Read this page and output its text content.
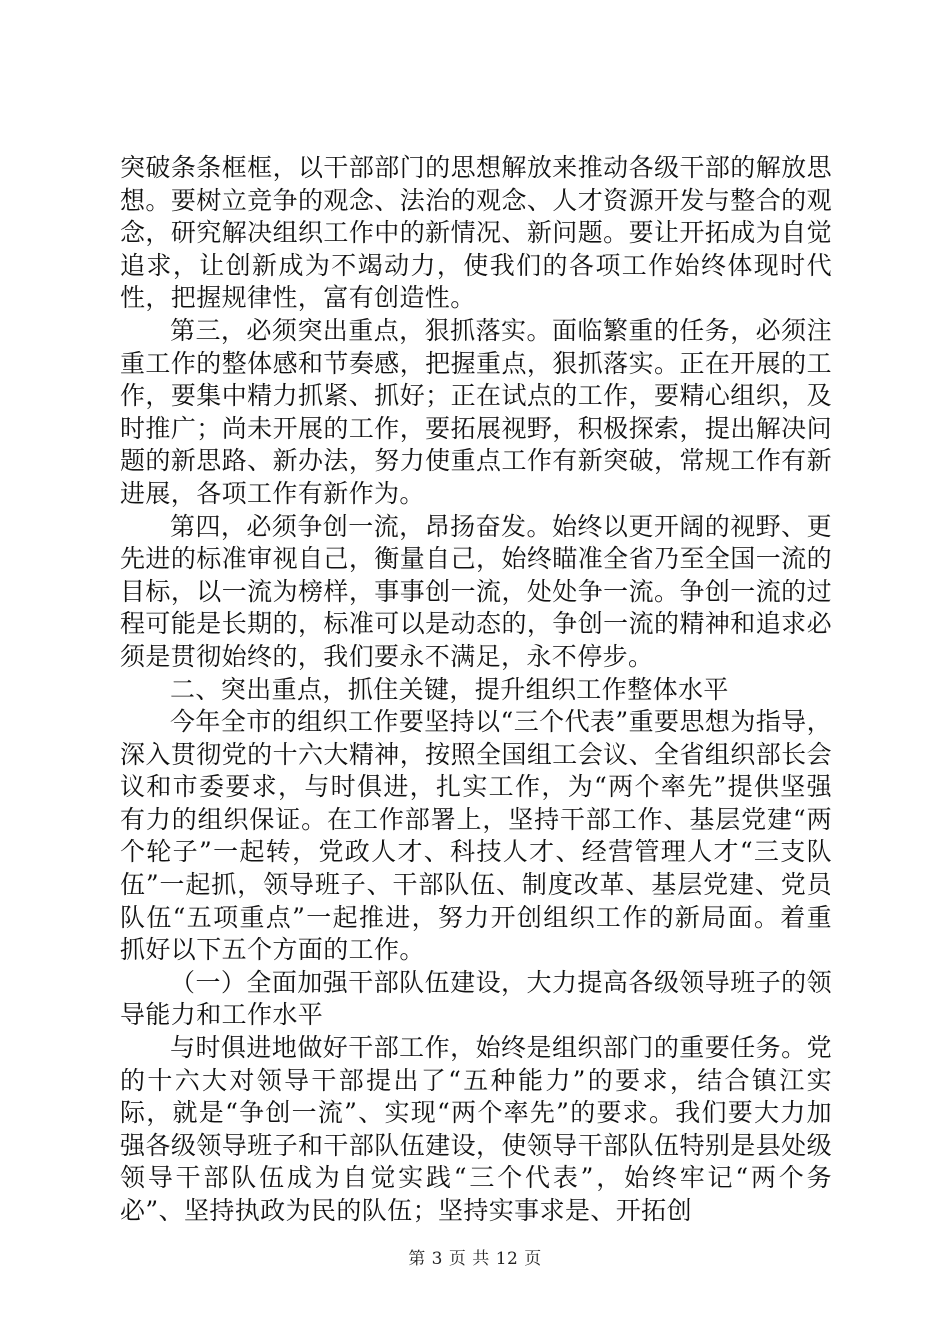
突破条条框框，以干部部门的思想解放来推动各级干部的解放思想。要树立竞争的观念、法治的观念、人才资源开发与整合的观念，研究解决组织工作中的新情况、新问题。要让开拓成为自觉追求，让创新成为不竭动力，使我们的各项工作始终体现时代性，把握规律性，富有创造性。

第三，必须突出重点，狠抓落实。面临繁重的任务，必须注重工作的整体感和节奏感，把握重点，狠抓落实。正在开展的工作，要集中精力抓紧、抓好；正在试点的工作，要精心组织，及时推广；尚未开展的工作，要拓展视野，积极探索，提出解决问题的新思路、新办法，努力使重点工作有新突破，常规工作有新进展，各项工作有新作为。

第四，必须争创一流，昂扬奋发。始终以更开阔的视野、更先进的标准审视自己，衡量自己，始终瞄准全省乃至全国一流的目标，以一流为榜样，事事创一流，处处争一流。争创一流的过程可能是长期的，标准可以是动态的，争创一流的精神和追求必须是贯彻始终的，我们要永不满足，永不停步。

二、突出重点，抓住关键，提升组织工作整体水平

今年全市的组织工作要坚持以“三个代表”重要思想为指导，深入贯彻党的十六大精神，按照全国组工会议、全省组织部长会议和市委要求，与时俱进，扎实工作，为“两个率先”提供坚强有力的组织保证。在工作部署上，坚持干部工作、基层党建“两个轮子”一起转，党政人才、科技人才、经营管理人才“三支队伍”一起抓，领导班子、干部队伍、制度改革、基层党建、党员队伍“五项重点”一起推进，努力开创组织工作的新局面。着重抓好以下五个方面的工作。

（一）全面加强干部队伍建设，大力提高各级领导班子的领导能力和工作水平

与时俱进地做好干部工作，始终是组织部门的重要任务。党的十六大对领导干部提出了“五种能力”的要求，结合镇江实际，就是“争创一流”、实现“两个率先”的要求。我们要大力加强各级领导班子和干部队伍建设，使领导干部队伍特别是县处级领导干部队伍成为自觉实践“三个代表”，始终牢记“两个务必”、坚持执政为民的队伍；坚持实事求是、开拓创

第 3 页 共 12 页
